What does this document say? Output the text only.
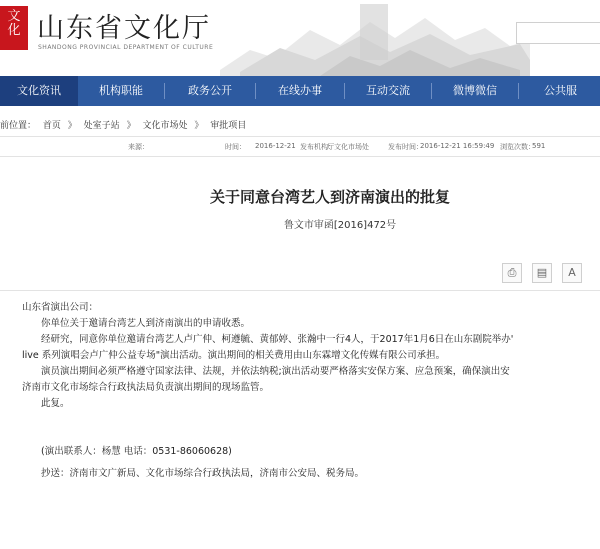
文
化 山东省文化厅
SHANDONG PROVINCIAL DEPARTMENT OF CULTURE
文化资讯	机构职能	政务公开	在线办事	互动交流	微博微信	公共服
前位置： 首页 》 处室子站 》 文化市场处 》 审批项目
来源：	时间： 2016-12-21 发布机构：
厅文化市场处	发布时间：
2016-12-21 16:59:49 浏览次数：
591
关于同意台湾艺人到济南演出的批复
鲁文市审函[2016]472号
⎙	▤	A

山东省演出公司：

你单位关于邀请台湾艺人到济南演出的申请收悉。

经研究，同意你单位邀请台湾艺人卢广仲、柯遵毓、黄郁婷、张瀚中一行4人，于2017年1月6日在山东剧院举办'

live 系列演唱会卢广仲公益专场"演出活动。演出期间的相关费用由山东霖增文化传媒有限公司承担。

演员演出期间必须严格遵守国家法律、法规，并依法纳税;演出活动要严格落实安保方案、应急预案，确保演出安

济南市文化市场综合行政执法局负责演出期间的现场监管。

此复。

(演出联系人：杨慧 电话：0531-86060628)

抄送：济南市文广新局、文化市场综合行政执法局，济南市公安局、税务局。
